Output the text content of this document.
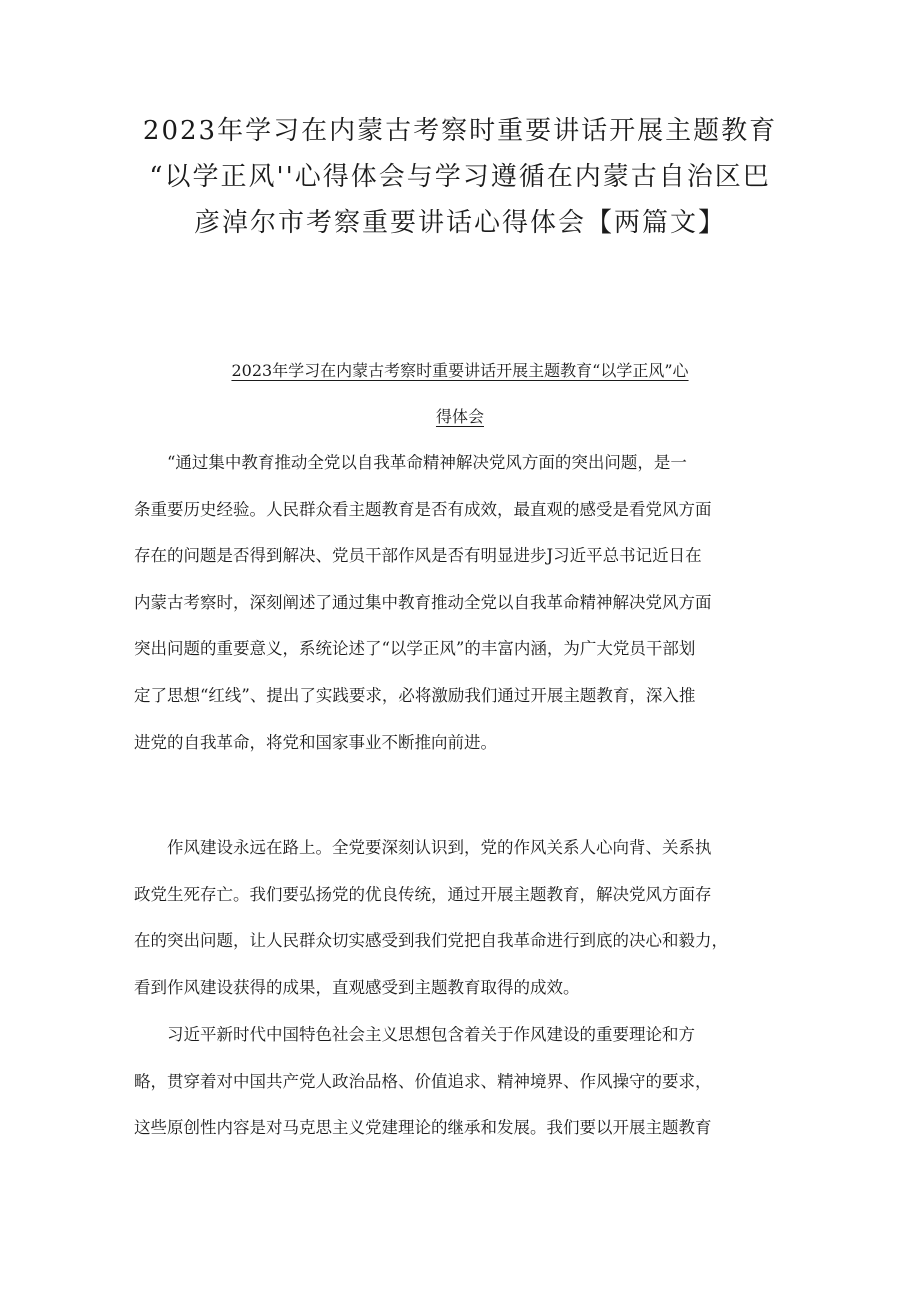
2023年学习在内蒙古考察时重要讲话开展主题教育
“以学正风''心得体会与学习遵循在内蒙古自治区巴
彦淖尔市考察重要讲话心得体会【两篇文】
2023年学习在内蒙古考察时重要讲话开展主题教育“以学正风”心
得体会
　　“通过集中教育推动全党以自我革命精神解决党风方面的突出问题，是一
条重要历史经验。人民群众看主题教育是否有成效，最直观的感受是看党风方面
存在的问题是否得到解决、党员干部作风是否有明显进步J习近平总书记近日在
内蒙古考察时，深刻阐述了通过集中教育推动全党以自我革命精神解决党风方面
突出问题的重要意义，系统论述了“以学正风”的丰富内涵，为广大党员干部划
定了思想“红线”、提出了实践要求，必将激励我们通过开展主题教育，深入推
进党的自我革命，将党和国家事业不断推向前进。
　　作风建设永远在路上。全党要深刻认识到，党的作风关系人心向背、关系执
政党生死存亡。我们要弘扬党的优良传统，通过开展主题教育，解决党风方面存
在的突出问题，让人民群众切实感受到我们党把自我革命进行到底的决心和毅力，
看到作风建设获得的成果，直观感受到主题教育取得的成效。
　　习近平新时代中国特色社会主义思想包含着关于作风建设的重要理论和方
略，贯穿着对中国共产党人政治品格、价值追求、精神境界、作风操守的要求，
这些原创性内容是对马克思主义党建理论的继承和发展。我们要以开展主题教育
